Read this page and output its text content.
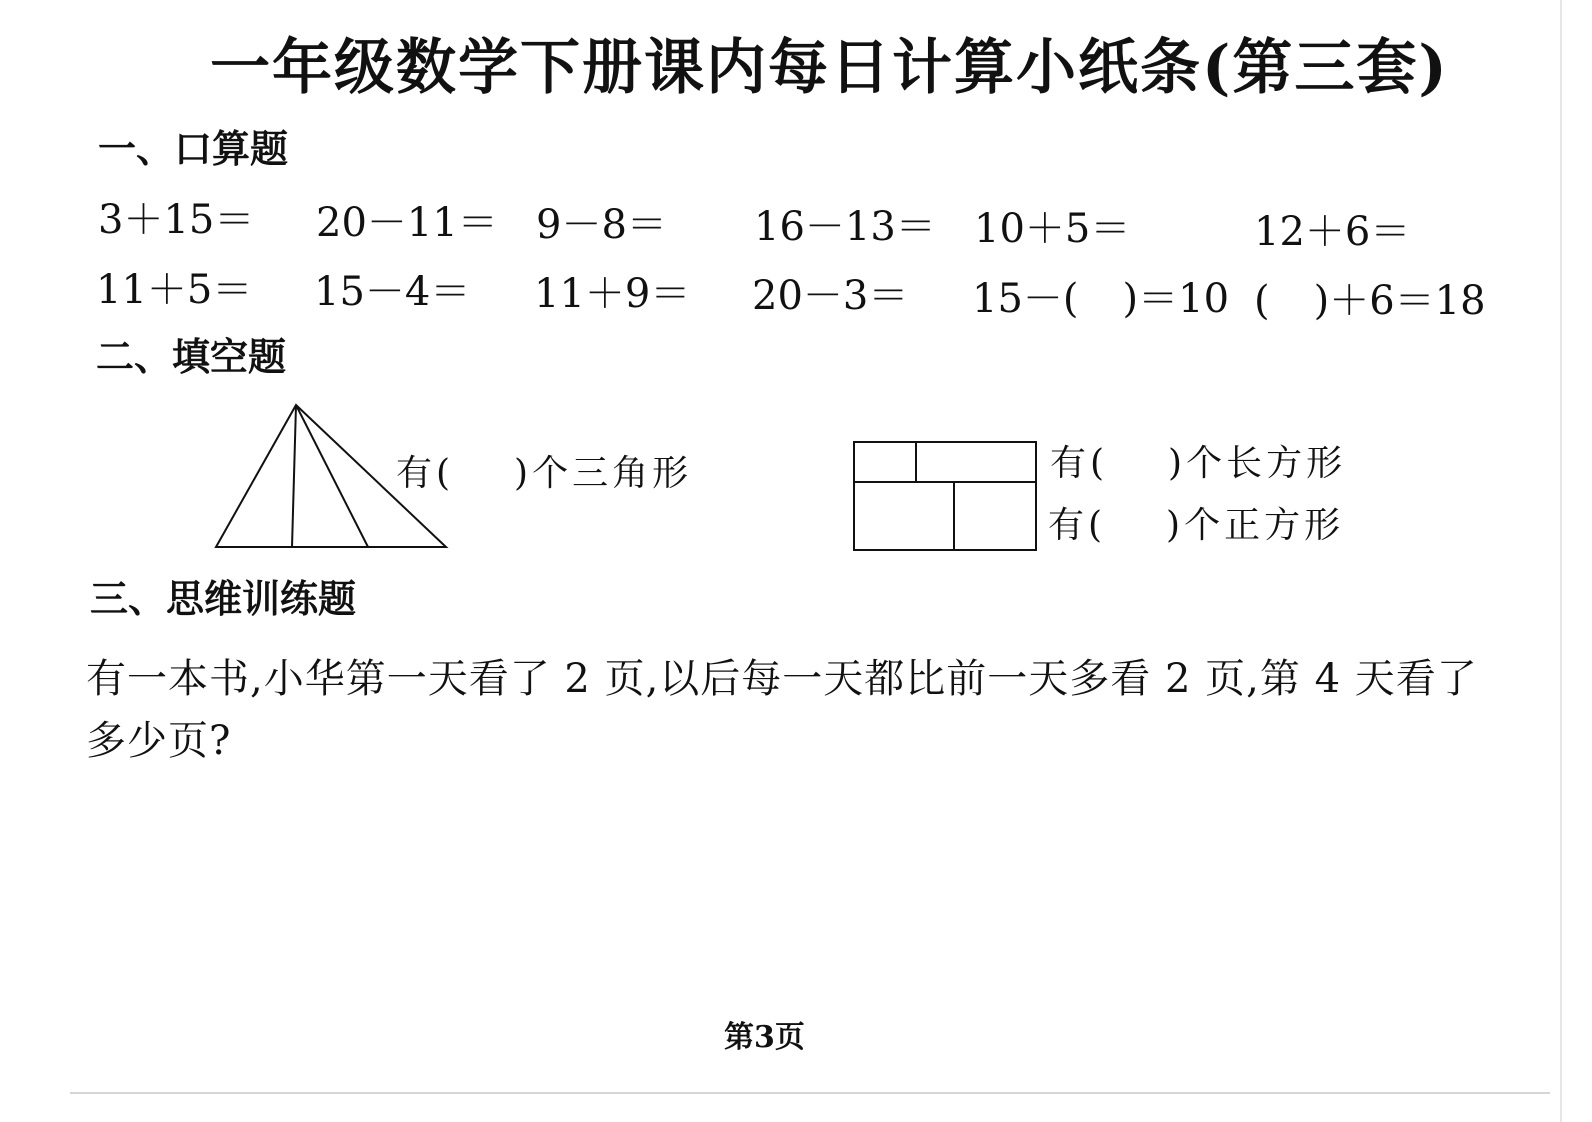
一年级数学下册课内每日计算小纸条(第三套)
一、口算题
3＋15＝ 20－11＝ 9－8＝ 16－13＝ 10＋5＝	12＋6＝
11＋5＝ 15－4＝ 11＋9＝ 20－3＝ 15－( )＝10 ( )＋6＝18
二、填空题
有( )个三角形	有( )个长方形
有( )个正方形
三、思维训练题
有一本书,小华第一天看了 2 页,以后每一天都比前一天多看 2 页,第 4 天看了多少页?
第3页
